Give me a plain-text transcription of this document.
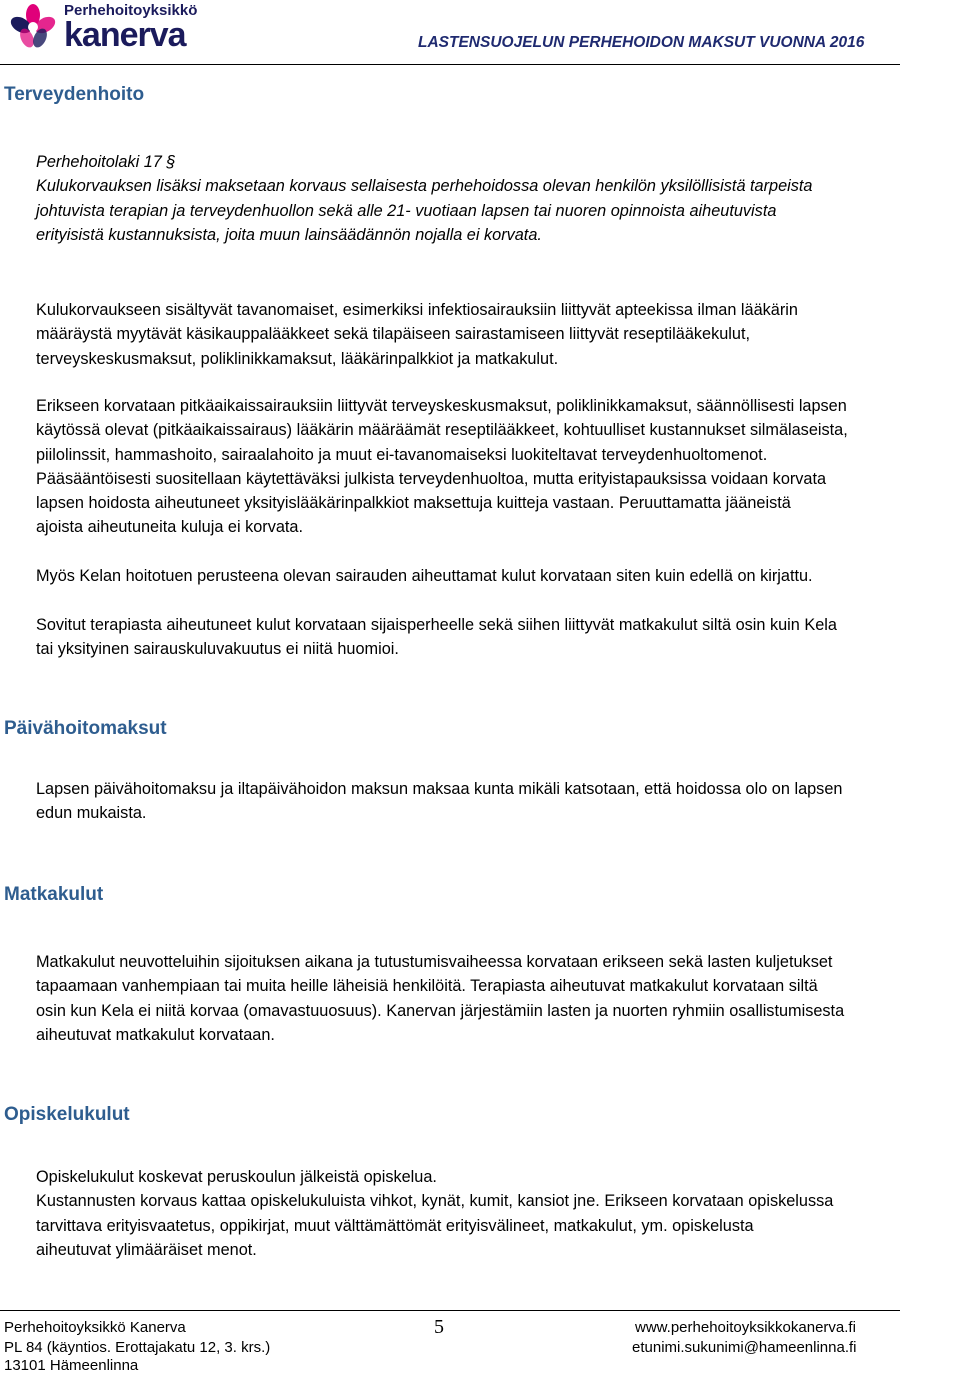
Perhehoitoyksikkö
kanerva	LASTENSUOJELUN PERHEHOIDON MAKSUT VUONNA 2016
Terveydenhoito
Perhehoitolaki 17 §
Kulukorvauksen lisäksi maksetaan korvaus sellaisesta perhehoidossa olevan henkilön yksilöllisistä tarpeista
johtuvista terapian ja terveydenhuollon sekä alle 21- vuotiaan lapsen tai nuoren opinnoista aiheutuvista
erityisistä kustannuksista, joita muun lainsäädännön nojalla ei korvata.
Kulukorvaukseen sisältyvät tavanomaiset, esimerkiksi infektiosairauksiin liittyvät apteekissa ilman lääkärin
määräystä myytävät käsikauppalääkkeet sekä tilapäiseen sairastamiseen liittyvät reseptilääkekulut,
terveyskeskusmaksut, poliklinikkamaksut, lääkärinpalkkiot ja matkakulut.
Erikseen korvataan pitkäaikaissairauksiin liittyvät terveyskeskusmaksut, poliklinikkamaksut, säännöllisesti lapsen
käytössä olevat (pitkäaikaissairaus) lääkärin määräämät reseptilääkkeet, kohtuulliset kustannukset silmälaseista,
piilolinssit, hammashoito, sairaalahoito ja muut ei-tavanomaiseksi luokiteltavat terveydenhuoltomenot.
Pääsääntöisesti suositellaan käytettäväksi julkista terveydenhuoltoa, mutta erityistapauksissa voidaan korvata
lapsen hoidosta aiheutuneet yksityislääkärinpalkkiot maksettuja kuitteja vastaan. Peruuttamatta jääneistä
ajoista aiheutuneita kuluja ei korvata.
Myös Kelan hoitotuen perusteena olevan sairauden aiheuttamat kulut korvataan siten kuin edellä on kirjattu.
Sovitut terapiasta aiheutuneet kulut korvataan sijaisperheelle sekä siihen liittyvät matkakulut siltä osin kuin Kela
tai yksityinen sairauskuluvakuutus ei niitä huomioi.
Päivähoitomaksut
Lapsen päivähoitomaksu ja iltapäivähoidon maksun maksaa kunta mikäli katsotaan, että hoidossa olo on lapsen
edun mukaista.
Matkakulut
Matkakulut neuvotteluihin sijoituksen aikana ja tutustumisvaiheessa korvataan erikseen sekä lasten kuljetukset
tapaamaan vanhempiaan tai muita heille läheisiä henkilöitä. Terapiasta aiheutuvat matkakulut korvataan siltä
osin kun Kela ei niitä korvaa (omavastuuosuus). Kanervan järjestämiin lasten ja nuorten ryhmiin osallistumisesta
aiheutuvat matkakulut korvataan.
Opiskelukulut
Opiskelukulut koskevat peruskoulun jälkeistä opiskelua.
Kustannusten korvaus kattaa opiskelukuluista vihkot, kynät, kumit, kansiot jne. Erikseen korvataan opiskelussa
tarvittava erityisvaatetus, oppikirjat, muut välttämättömät erityisvälineet, matkakulut, ym. opiskelusta
aiheutuvat ylimääräiset menot.
Perhehoitoyksikkö Kanerva
PL 84 (käyntios. Erottajakatu 12, 3. krs.)
13101 Hämeenlinna
5	www.perhehoitoyksikkokanerva.fi
etunimi.sukunimi@hameenlinna.fi
